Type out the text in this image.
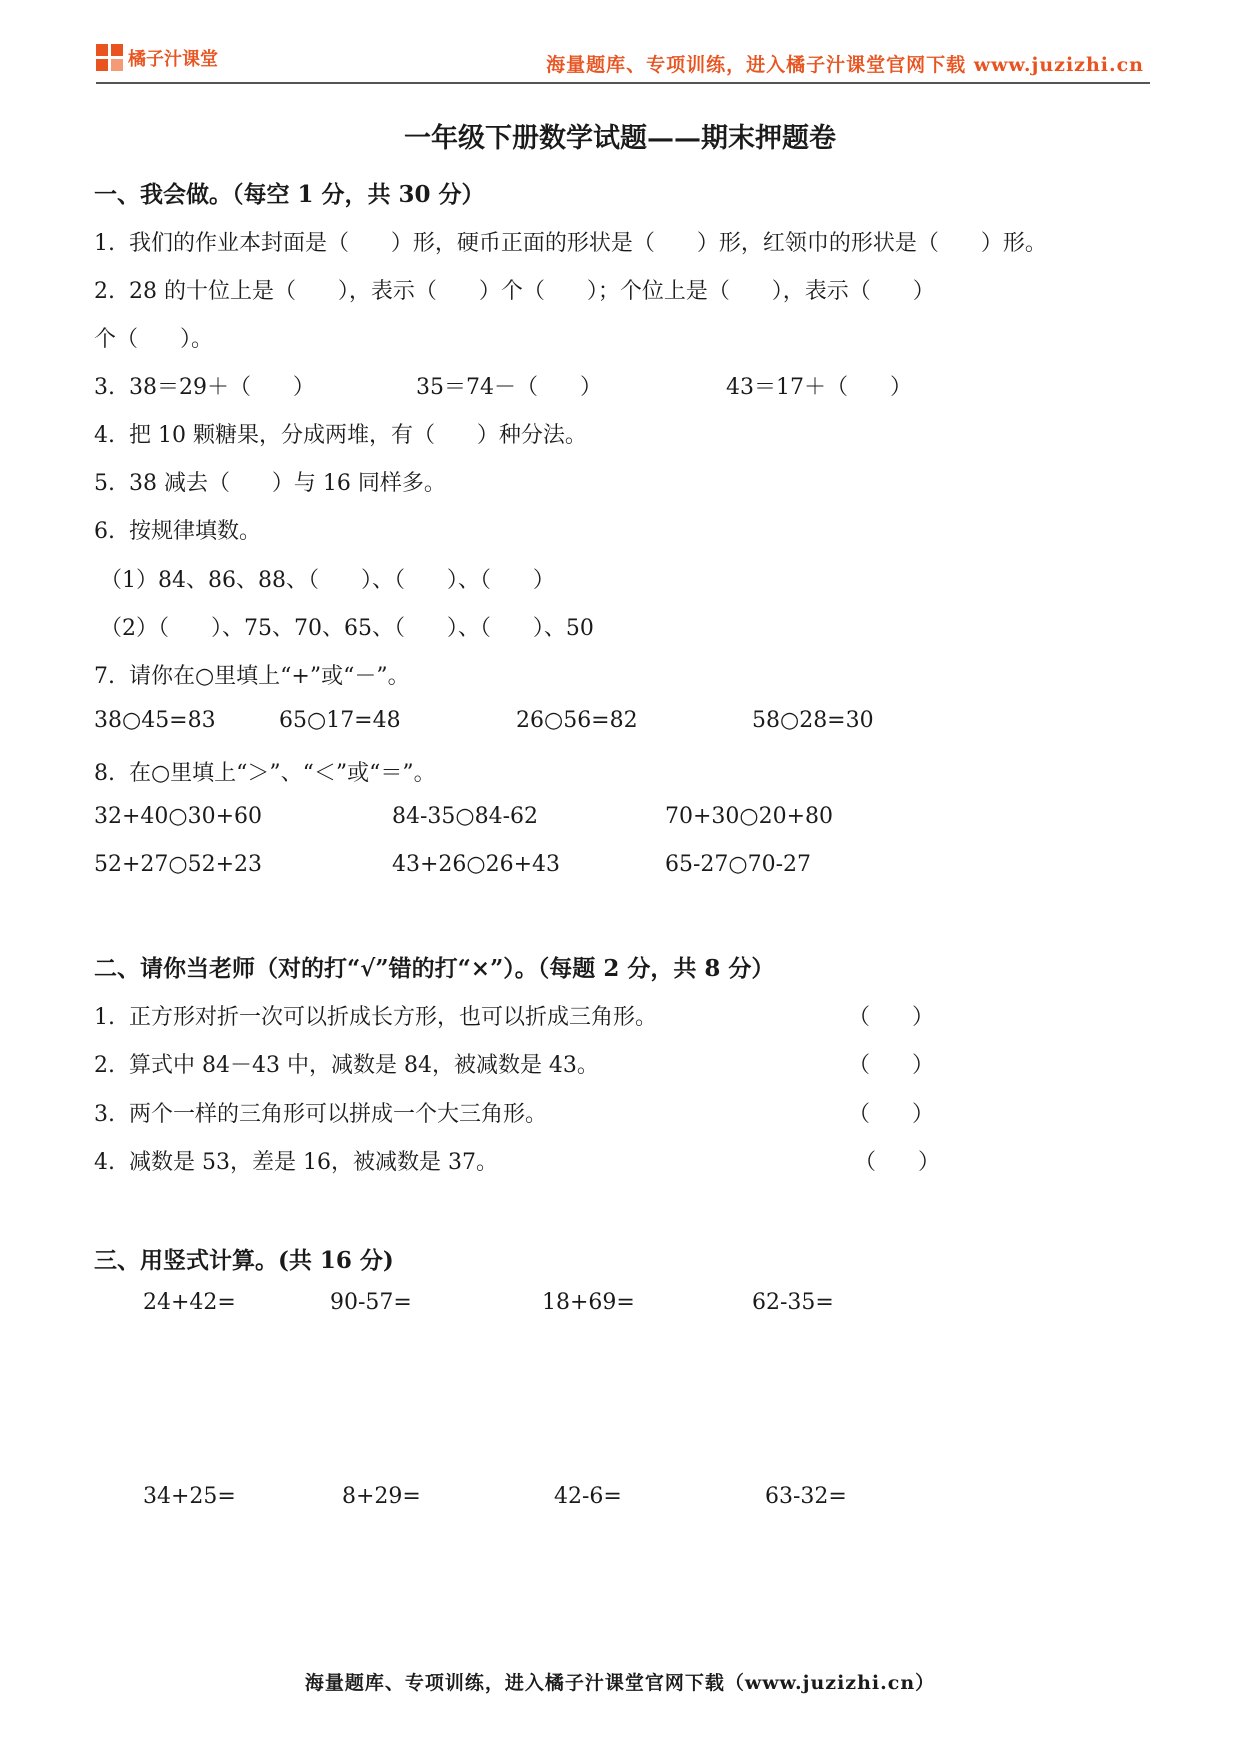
橘子汁课堂	海量题库、专项训练，进入橘子汁课堂官网下载 www.juzizhi.cn
一年级下册数学试题——期末押题卷
一、我会做。（每空 1 分，共 30 分）
1.  我们的作业本封面是（      ）形，硬币正面的形状是（      ）形，红领巾的形状是（      ）形。
2.  28 的十位上是（      ），表示（      ）个（      ）；个位上是（      ），表示（      ）
个（      ）。
3.  38＝29＋（      ）	35＝74－（      ）	43＝17＋（      ）
4.  把 10 颗糖果，分成两堆，有（      ）种分法。
5.  38 减去（      ）与 16 同样多。
6.  按规律填数。
（1）84、86、88、（      ）、（      ）、（      ）
（2）（      ）、75、70、65、（      ）、（      ）、50
7.  请你在○里填上“+”或“－”。
38○45=83	65○17=48	26○56=82	58○28=30
8.  在○里填上“＞”、“＜”或“＝”。
32+40○30+60	84-35○84-62	70+30○20+80
52+27○52+23	43+26○26+43	65-27○70-27
二、请你当老师（对的打“√”错的打“×”）。（每题 2 分，共 8 分）
1.  正方形对折一次可以折成长方形，也可以折成三角形。	（      ）
2.  算式中 84－43 中，减数是 84，被减数是 43。	（      ）
3.  两个一样的三角形可以拼成一个大三角形。	（      ）
4.  减数是 53，差是 16，被减数是 37。	（      ）
三、用竖式计算。(共 16 分)
24+42=	90-57=	18+69=	62-35=
34+25=	8+29=	42-6=	63-32=
海量题库、专项训练，进入橘子汁课堂官网下载（www.juzizhi.cn）
